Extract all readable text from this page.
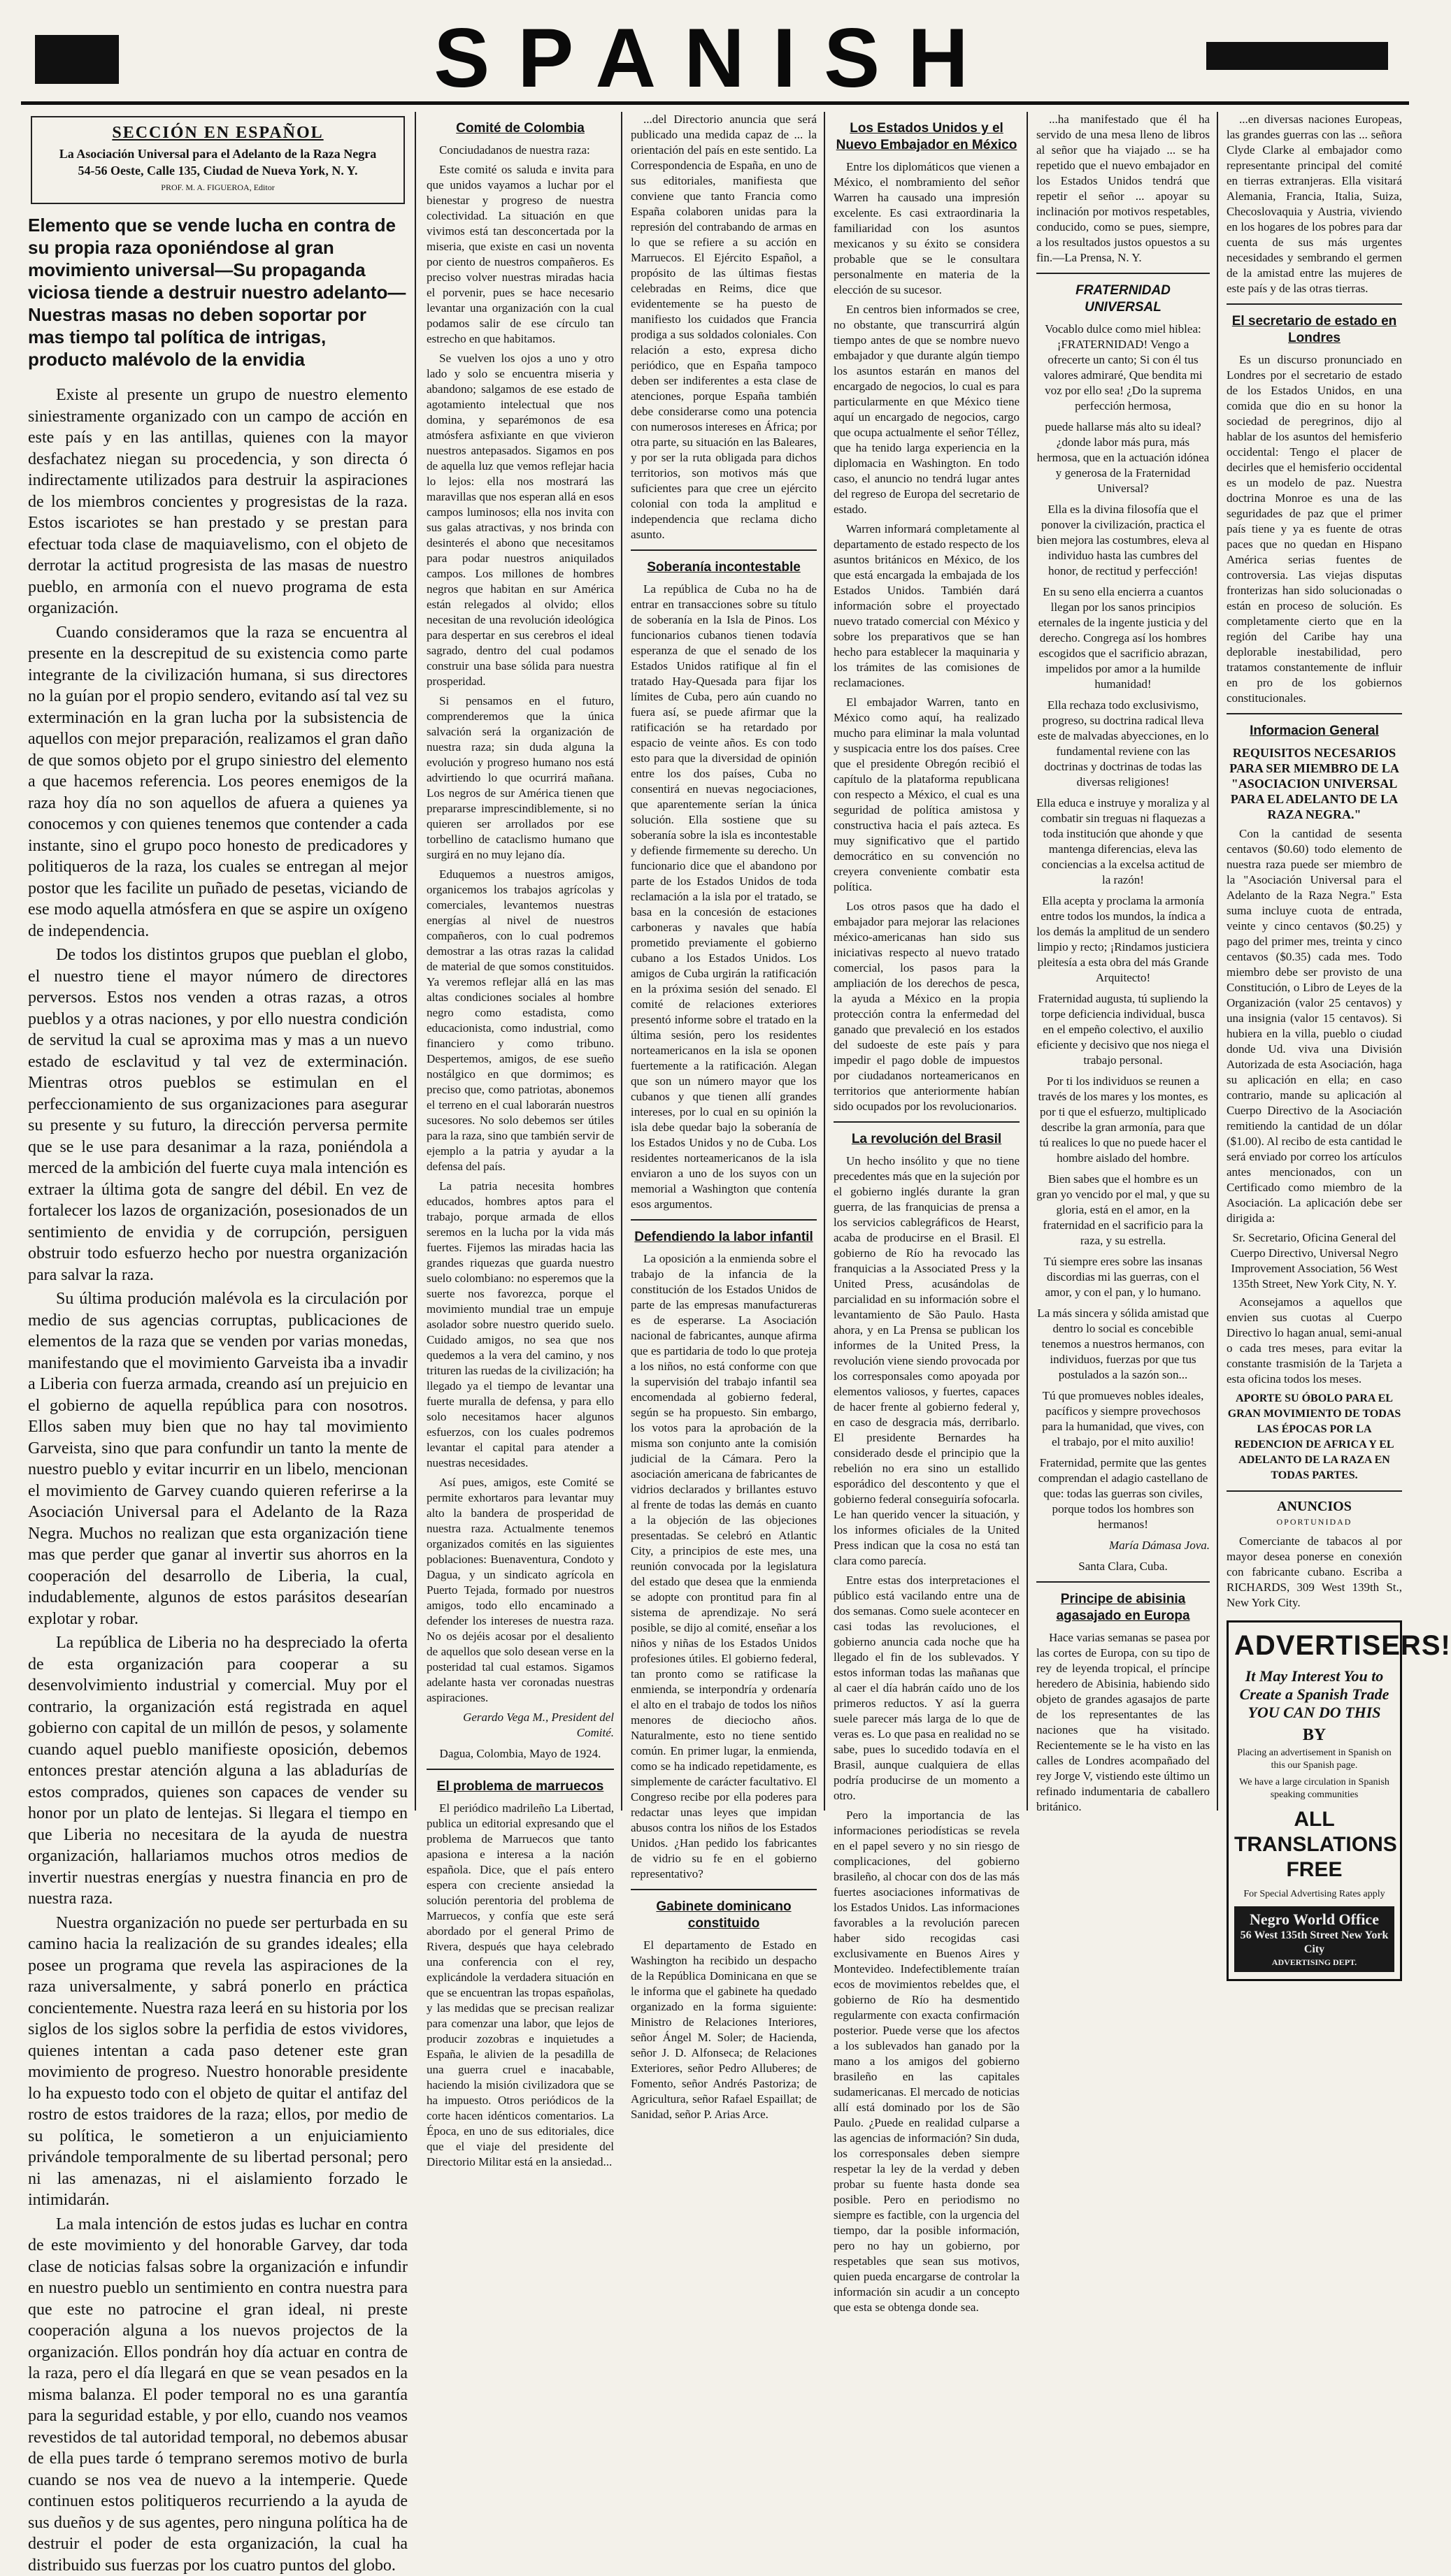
SPANISH
SECCIÓN EN ESPAÑOL
La Asociación Universal para el Adelanto de la Raza Negra
54-56 Oeste, Calle 135, Ciudad de Nueva York, N. Y.
PROF. M. A. FIGUEROA, Editor
Elemento que se vende lucha en contra de su propia raza oponiéndose al gran movimiento universal—Su propaganda viciosa tiende a destruir nuestro adelanto—Nuestras masas no deben soportar por mas tiempo tal política de intrigas, producto malévolo de la envidia

Existe al presente un grupo de nuestro elemento siniestramente organizado con un campo de acción en este país y en las antillas, quienes con la mayor desfachatez niegan su procedencia, y son directa ó indirectamente utilizados para destruir la aspiraciones de los miembros concientes y progresistas de la raza. Estos iscariotes se han prestado y se prestan para efectuar toda clase de maquiavelismo, con el objeto de derrotar la actitud progresista de las masas de nuestro pueblo, en armonía con el nuevo programa de esta organización.

Cuando consideramos que la raza se encuentra al presente en la descrepitud de su existencia como parte integrante de la civilización humana, si sus directores no la guían por el propio sendero, evitando así tal vez su exterminación en la gran lucha por la subsistencia de aquellos con mejor preparación, realizamos el gran daño de que somos objeto por el grupo siniestro del elemento a que hacemos referencia. Los peores enemigos de la raza hoy día no son aquellos de afuera a quienes ya conocemos y con quienes tenemos que contender a cada instante, sino el grupo poco honesto de predicadores y politiqueros de la raza, los cuales se entregan al mejor postor que les facilite un puñado de pesetas, viciando de ese modo aquella atmósfera en que se aspire un oxígeno de independencia.

De todos los distintos grupos que pueblan el globo, el nuestro tiene el mayor número de directores perversos. Estos nos venden a otras razas, a otros pueblos y a otras naciones, y por ello nuestra condición de servitud la cual se aproxima mas y mas a un nuevo estado de esclavitud y tal vez de exterminación. Mientras otros pueblos se estimulan en el perfeccionamiento de sus organizaciones para asegurar su presente y su futuro, la dirección perversa permite que se le use para desanimar a la raza, poniéndola a merced de la ambición del fuerte cuya mala intención es extraer la última gota de sangre del débil. En vez de fortalecer los lazos de organización, posesionados de un sentimiento de envidia y de corrupción, persiguen obstruir todo esfuerzo hecho por nuestra organización para salvar la raza.

Su última produción malévola es la circulación por medio de sus agencias corruptas, publicaciones de elementos de la raza que se venden por varias monedas, manifestando que el movimiento Garveista iba a invadir a Liberia con fuerza armada, creando así un prejuicio en el gobierno de aquella república para con nosotros. Ellos saben muy bien que no hay tal movimiento Garveista, sino que para confundir un tanto la mente de nuestro pueblo y evitar incurrir en un libelo, mencionan el movimiento de Garvey cuando quieren referirse a la Asociación Universal para el Adelanto de la Raza Negra. Muchos no realizan que esta organización tiene mas que perder que ganar al invertir sus ahorros en la cooperación del desarrollo de Liberia, la cual, indudablemente, algunos de estos parásitos desearían explotar y robar.

La república de Liberia no ha despreciado la oferta de esta organización para cooperar a su desenvolvimiento industrial y comercial. Muy por el contrario, la organización está registrada en aquel gobierno con capital de un millón de pesos, y solamente cuando aquel pueblo manifieste oposición, debemos entonces prestar atención alguna a las abladurías de estos comprados, quienes son capaces de vender su honor por un plato de lentejas. Si llegara el tiempo en que Liberia no necesitara de la ayuda de nuestra organización, hallariamos muchos otros medios de invertir nuestras energías y nuestra financia en pro de nuestra raza.

Nuestra organización no puede ser perturbada en su camino hacia la realización de su grandes ideales; ella posee un programa que revela las aspiraciones de la raza universalmente, y sabrá ponerlo en práctica concientemente. Nuestra raza leerá en su historia por los siglos de los siglos sobre la perfidia de estos vividores, quienes intentan a cada paso detener este gran movimiento de progreso. Nuestro honorable presidente lo ha expuesto todo con el objeto de quitar el antifaz del rostro de estos traidores de la raza; ellos, por medio de su política, le sometieron a un enjuiciamiento privándole temporalmente de su libertad personal; pero ni las amenazas, ni el aislamiento forzado le intimidarán.

La mala intención de estos judas es luchar en contra de este movimiento y del honorable Garvey, dar toda clase de noticias falsas sobre la organización e infundir en nuestro pueblo un sentimiento en contra nuestra para que este no patrocine el gran ideal, ni preste cooperación alguna a los nuevos projectos de la organización. Ellos pondrán hoy día actuar en contra de la raza, pero el día llegará en que se vean pesados en la misma balanza. El poder temporal no es una garantía para la seguridad estable, y por ello, cuando nos veamos revestidos de tal autoridad temporal, no debemos abusar de ella pues tarde ó temprano seremos motivo de burla cuando se nos vea de nuevo a la intemperie. Quede continuen estos politiqueros recurriendo a la ayuda de sus dueños y de sus agentes, pero ninguna política ha de destruir el poder de esta organización, la cual ha distribuido sus fuerzas por los cuatro puntos del globo.

Comité de Colombia

Conciudadanos de nuestra raza:

Este comité os saluda e invita para que unidos vayamos a luchar por el bienestar y progreso de nuestra colectividad. La situación en que vivimos está tan desconcertada por la miseria, que existe en casi un noventa por ciento de nuestros compañeros. Es preciso volver nuestras miradas hacia el porvenir, pues se hace necesario levantar una organización con la cual podamos salir de ese círculo tan estrecho en que habitamos.

Se vuelven los ojos a uno y otro lado y solo se encuentra miseria y abandono; salgamos de ese estado de agotamiento intelectual que nos domina, y separémonos de esa atmósfera asfixiante en que vivieron nuestros antepasados. Sigamos en pos de aquella luz que vemos reflejar hacia lo lejos: ella nos mostrará las maravillas que nos esperan allá en esos campos luminosos; ella nos invita con sus galas atractivas, y nos brinda con desinterés el abono que necesitamos para podar nuestros aniquilados campos. Los millones de hombres negros que habitan en sur América están relegados al olvido; ellos necesitan de una revolución ideológica para despertar en sus cerebros el ideal sagrado, dentro del cual podamos construir una base sólida para nuestra prosperidad.

Si pensamos en el futuro, comprenderemos que la única salvación será la organización de nuestra raza; sin duda alguna la evolución y progreso humano nos está advirtiendo lo que ocurrirá mañana. Los negros de sur América tienen que prepararse imprescindiblemente, si no quieren ser arrollados por ese torbellino de cataclismo humano que surgirá en no muy lejano día.

Eduquemos a nuestros amigos, organicemos los trabajos agrícolas y comerciales, levantemos nuestras energías al nivel de nuestros compañeros, con lo cual podremos demostrar a las otras razas la calidad de material de que somos constituidos. Ya veremos reflejar allá en las mas altas condiciones sociales al hombre negro como estadista, como educacionista, como industrial, como financiero y como tribuno. Despertemos, amigos, de ese sueño nostálgico en que dormimos; es preciso que, como patriotas, abonemos el terreno en el cual laborarán nuestros sucesores. No solo debemos ser útiles para la raza, sino que también servir de ejemplo a la patria y ayudar a la defensa del país.

La patria necesita hombres educados, hombres aptos para el trabajo, porque armada de ellos seremos en la lucha por la vida más fuertes. Fijemos las miradas hacia las grandes riquezas que guarda nuestro suelo colombiano: no esperemos que la suerte nos favorezca, porque el movimiento mundial trae un empuje asolador sobre nuestro querido suelo. Cuidado amigos, no sea que nos quedemos a la vera del camino, y nos trituren las ruedas de la civilización; ha llegado ya el tiempo de levantar una fuerte muralla de defensa, y para ello solo necesitamos hacer algunos esfuerzos, con los cuales podremos levantar el capital para atender a nuestras necesidades.

Así pues, amigos, este Comité se permite exhortaros para levantar muy alto la bandera de prosperidad de nuestra raza. Actualmente tenemos organizados comités en las siguientes poblaciones: Buenaventura, Condoto y Dagua, y un sindicato agrícola en Puerto Tejada, formado por nuestros amigos, todo ello encaminado a defender los intereses de nuestra raza. No os dejéis acosar por el desaliento de aquellos que solo desean verse en la posteridad tal cual estamos. Sigamos adelante hasta ver coronadas nuestras aspiraciones.

Gerardo Vega M., President del Comité.
Dagua, Colombia, Mayo de 1924.
El problema de marruecos

El periódico madrileño La Libertad, publica un editorial expresando que el problema de Marruecos que tanto apasiona e interesa a la nación española. Dice, que el país entero espera con creciente ansiedad la solución perentoria del problema de Marruecos, y confía que este será abordado por el general Primo de Rivera, después que haya celebrado una conferencia con el rey, explicándole la verdadera situación en que se encuentran las tropas españolas, y las medidas que se precisan realizar para comenzar una labor, que lejos de producir zozobras e inquietudes a España, le alivien de la pesadilla de una guerra cruel e inacabable, haciendo la misión civilizadora que se ha impuesto. Otros periódicos de la corte hacen idénticos comentarios. La Época, en uno de sus editoriales, dice que el viaje del presidente del Directorio Militar está en la ansiedad...

...del Directorio anuncia que será publicado una medida capaz de ... la orientación del país en este sentido. La Correspondencia de España, en uno de sus editoriales, manifiesta que conviene que tanto Francia como España colaboren unidas para la represión del contrabando de armas en lo que se refiere a su acción en Marruecos. El Ejército Español, a propósito de las últimas fiestas celebradas en Reims, dice que evidentemente se ha puesto de manifiesto los cuidados que Francia prodiga a sus soldados coloniales. Con relación a esto, expresa dicho periódico, que en España tampoco deben ser indiferentes a esta clase de atenciones, porque España también debe considerarse como una potencia con numerosos intereses en África; por otra parte, su situación en las Baleares, y por ser la ruta obligada para dichos territorios, son motivos más que suficientes para que cree un ejército colonial con toda la amplitud e independencia que reclama dicho asunto.

Soberanía incontestable

La república de Cuba no ha de entrar en transacciones sobre su título de soberanía en la Isla de Pinos. Los funcionarios cubanos tienen todavía esperanza de que el senado de los Estados Unidos ratifique al fin el tratado Hay-Quesada para fijar los límites de Cuba, pero aún cuando no fuera así, se puede afirmar que la ratificación se ha retardado por espacio de veinte años. Es con todo esto para que la diversidad de opinión entre los dos países, Cuba no consentirá en nuevas negociaciones, que aparentemente serían la única solución. Ella sostiene que su soberanía sobre la isla es incontestable y defiende firmemente su derecho. Un funcionario dice que el abandono por parte de los Estados Unidos de toda reclamación a la isla por el tratado, se basa en la concesión de estaciones carboneras y navales que había prometido previamente el gobierno cubano a los Estados Unidos. Los amigos de Cuba urgirán la ratificación en la próxima sesión del senado. El comité de relaciones exteriores presentó informe sobre el tratado en la última sesión, pero los residentes norteamericanos en la isla se oponen fuertemente a la ratificación. Alegan que son un número mayor que los cubanos y que tienen allí grandes intereses, por lo cual en su opinión la isla debe quedar bajo la soberanía de los Estados Unidos y no de Cuba. Los residentes norteamericanos de la isla enviaron a uno de los suyos con un memorial a Washington que contenía esos argumentos.

Defendiendo la labor infantil

La oposición a la enmienda sobre el trabajo de la infancia de la constitución de los Estados Unidos de parte de las empresas manufactureras es de esperarse. La Asociación nacional de fabricantes, aunque afirma que es partidaria de todo lo que proteja a los niños, no está conforme con que la supervisión del trabajo infantil sea encomendada al gobierno federal, según se ha propuesto. Sin embargo, los votos para la aprobación de la misma son conjunto ante la comisión judicial de la Cámara. Pero la asociación americana de fabricantes de vidrios declarados y brillantes estuvo al frente de todas las demás en cuanto a la objeción de las objeciones presentadas. Se celebró en Atlantic City, a principios de este mes, una reunión convocada por la legislatura del estado que desea que la enmienda se adopte con prontitud para fin al sistema de aprendizaje. No será posible, se dijo al comité, enseñar a los niños y niñas de los Estados Unidos profesiones útiles. El gobierno federal, tan pronto como se ratificase la enmienda, se interpondría y ordenaría el alto en el trabajo de todos los niños menores de dieciocho años. Naturalmente, esto no tiene sentido común. En primer lugar, la enmienda, como se ha indicado repetidamente, es simplemente de carácter facultativo. El Congreso recibe por ella poderes para redactar unas leyes que impidan abusos contra los niños de los Estados Unidos. ¿Han pedido los fabricantes de vidrio su fe en el gobierno representativo?

Gabinete dominicano constituido

El departamento de Estado en Washington ha recibido un despacho de la República Dominicana en que se le informa que el gabinete ha quedado organizado en la forma siguiente: Ministro de Relaciones Interiores, señor Ángel M. Soler; de Hacienda, señor J. D. Alfonseca; de Relaciones Exteriores, señor Pedro Alluberes; de Fomento, señor Andrés Pastoriza; de Agricultura, señor Rafael Espaillat; de Sanidad, señor P. Arias Arce.

Los Estados Unidos y el Nuevo Embajador en México

Entre los diplomáticos que vienen a México, el nombramiento del señor Warren ha causado una impresión excelente. Es casi extraordinaria la familiaridad con los asuntos mexicanos y su éxito se considera probable que se le consultara personalmente en materia de la elección de su sucesor.

En centros bien informados se cree, no obstante, que transcurrirá algún tiempo antes de que se nombre nuevo embajador y que durante algún tiempo los asuntos estarán en manos del encargado de negocios, lo cual es para particularmente en que México tiene aquí un encargado de negocios, cargo que ocupa actualmente el señor Téllez, que ha tenido larga experiencia en la diplomacia en Washington. En todo caso, el anuncio no tendrá lugar antes del regreso de Europa del secretario de estado.

Warren informará completamente al departamento de estado respecto de los asuntos británicos en México, de los que está encargada la embajada de los Estados Unidos. También dará información sobre el proyectado nuevo tratado comercial con México y sobre los preparativos que se han hecho para establecer la maquinaria y los trámites de las comisiones de reclamaciones.

El embajador Warren, tanto en México como aquí, ha realizado mucho para eliminar la mala voluntad y suspicacia entre los dos países. Cree que el presidente Obregón recibió el capítulo de la plataforma republicana con respecto a México, el cual es una seguridad de política amistosa y constructiva hacia el país azteca. Es muy significativo que el partido democrático en su convención no creyera conveniente combatir esta política.

Los otros pasos que ha dado el embajador para mejorar las relaciones méxico-americanas han sido sus iniciativas respecto al nuevo tratado comercial, los pasos para la ampliación de los derechos de pesca, la ayuda a México en la propia protección contra la enfermedad del ganado que prevaleció en los estados del sudoeste de este país y para impedir el pago doble de impuestos por ciudadanos norteamericanos en territorios que anteriormente habían sido ocupados por los revolucionarios.

La revolución del Brasil

Un hecho insólito y que no tiene precedentes más que en la sujeción por el gobierno inglés durante la gran guerra, de las franquicias de prensa a los servicios cablegráficos de Hearst, acaba de producirse en el Brasil. El gobierno de Río ha revocado las franquicias a la Associated Press y la United Press, acusándolas de parcialidad en su información sobre el levantamiento de São Paulo. Hasta ahora, y en La Prensa se publican los informes de la United Press, la revolución viene siendo provocada por los corresponsales como apoyada por elementos valiosos, y fuertes, capaces de hacer frente al gobierno federal y, en caso de desgracia más, derribarlo. El presidente Bernardes ha considerado desde el principio que la rebelión no era sino un estallido esporádico del descontento y que el gobierno federal conseguiría sofocarla. Le han querido vencer la situación, y los informes oficiales de la United Press indican que la cosa no está tan clara como parecía.

Entre estas dos interpretaciones el público está vacilando entre una de dos semanas. Como suele acontecer en casi todas las revoluciones, el gobierno anuncia cada noche que ha llegado el fin de los sublevados. Y estos informan todas las mañanas que al caer el día habrán caído uno de los primeros reductos. Y así la guerra suele parecer más larga de lo que de veras es. Lo que pasa en realidad no se sabe, pues lo sucedido todavía en el Brasil, aunque cualquiera de ellas podría producirse de un momento a otro.

Pero la importancia de las informaciones periodísticas se revela en el papel severo y no sin riesgo de complicaciones, del gobierno brasileño, al chocar con dos de las más fuertes asociaciones informativas de los Estados Unidos. Las informaciones favorables a la revolución parecen haber sido recogidas casi exclusivamente en Buenos Aires y Montevideo. Indefectiblemente traían ecos de movimientos rebeldes que, el gobierno de Río ha desmentido regularmente con exacta confirmación posterior. Puede verse que los afectos a los sublevados han ganado por la mano a los amigos del gobierno brasileño en las capitales sudamericanas. El mercado de noticias allí está dominado por los de São Paulo. ¿Puede en realidad culparse a las agencias de información? Sin duda, los corresponsales deben siempre respetar la ley de la verdad y deben probar su fuente hasta donde sea posible. Pero en periodismo no siempre es factible, con la urgencia del tiempo, dar la posible información, pero no hay un gobierno, por respetables que sean sus motivos, quien pueda encargarse de controlar la información sin acudir a un concepto que esta se obtenga donde sea.

...ha manifestado que él ha servido de una mesa lleno de libros al señor que ha viajado ... se ha repetido que el nuevo embajador en los Estados Unidos tendrá que repetir el señor ... apoyar su inclinación por motivos respetables, conducido, como se pues, siempre, a los resultados justos opuestos a su fin.—La Prensa, N. Y.

FRATERNIDAD UNIVERSAL

Vocablo dulce como miel hiblea: ¡FRATERNIDAD! Vengo a ofrecerte un canto; Si con él tus valores admiraré, Que bendita mi voz por ello sea! ¿Do la suprema perfección hermosa,

puede hallarse más alto su ideal? ¿donde labor más pura, más hermosa, que en la actuación idónea y generosa de la Fraternidad Universal?

Ella es la divina filosofía que el ponover la civilización, practica el bien mejora las costumbres, eleva al individuo hasta las cumbres del honor, de rectitud y perfección!

En su seno ella encierra a cuantos llegan por los sanos principios eternales de la ingente justicia y del derecho. Congrega así los hombres escogidos que el sacrificio abrazan, impelidos por amor a la humilde humanidad!

Ella rechaza todo exclusivismo, progreso, su doctrina radical lleva este de malvadas abyecciones, en lo fundamental reviene con las doctrinas y doctrinas de todas las diversas religiones!

Ella educa e instruye y moraliza y al combatir sin treguas ni flaquezas a toda institución que ahonde y que mantenga diferencias, eleva las conciencias a la excelsa actitud de la razón!

Ella acepta y proclama la armonía entre todos los mundos, la índica a los demás la amplitud de un sendero limpio y recto; ¡Rindamos justiciera pleitesía a esta obra del más Grande Arquitecto!

Fraternidad augusta, tú supliendo la torpe deficiencia individual, busca en el empeño colectivo, el auxilio eficiente y decisivo que nos niega el trabajo personal.

Por ti los individuos se reunen a través de los mares y los montes, es por ti que el esfuerzo, multiplicado describe la gran armonía, para que tú realices lo que no puede hacer el hombre aislado del hombre.

Bien sabes que el hombre es un gran yo vencido por el mal, y que su gloria, está en el amor, en la fraternidad en el sacrificio para la raza, y su estrella.

Tú siempre eres sobre las insanas discordias mi las guerras, con el amor, y con el pan, y lo humano.

La más sincera y sólida amistad que dentro lo social es concebible tenemos a nuestros hermanos, con individuos, fuerzas por que tus postulados a la sazón son...

Tú que promueves nobles ideales, pacíficos y siempre provechosos para la humanidad, que vives, con el trabajo, por el mito auxilio!

Fraternidad, permite que las gentes comprendan el adagio castellano de que: todas las guerras son civiles, porque todos los hombres son hermanos!

María Dámasa Jova.
Santa Clara, Cuba.
Principe de abisinia agasajado en Europa

Hace varias semanas se pasea por las cortes de Europa, con su tipo de rey de leyenda tropical, el príncipe heredero de Abisinia, habiendo sido objeto de grandes agasajos de parte de los representantes de las naciones que ha visitado. Recientemente se le ha visto en las calles de Londres acompañado del rey Jorge V, vistiendo este último un refinado indumentaria de caballero británico.

...en diversas naciones Europeas, las grandes guerras con las ... señora Clyde Clarke al embajador como representante principal del comité en tierras extranjeras. Ella visitará Alemania, Francia, Italia, Suiza, Checoslovaquia y Austria, viviendo en los hogares de los pobres para dar cuenta de sus más urgentes necesidades y sembrando el germen de la amistad entre las mujeres de este país y de las otras tierras.

El secretario de estado en Londres

Es un discurso pronunciado en Londres por el secretario de estado de los Estados Unidos, en una comida que dio en su honor la sociedad de peregrinos, dijo al hablar de los asuntos del hemisferio occidental: Tengo el placer de decirles que el hemisferio occidental es un modelo de paz. Nuestra doctrina Monroe es una de las seguridades de paz que el primer país tiene y ya es fuente de otras paces que no quedan en Hispano América serias fuentes de controversia. Las viejas disputas fronterizas han sido solucionadas o están en proceso de solución. Es completamente cierto que en la región del Caribe hay una deplorable inestabilidad, pero tratamos constantemente de influir en pro de los gobiernos constitucionales.

Informacion General
REQUISITOS NECESARIOS PARA SER MIEMBRO DE LA "ASOCIACION UNIVERSAL PARA EL ADELANTO DE LA RAZA NEGRA."

Con la cantidad de sesenta centavos ($0.60) todo elemento de nuestra raza puede ser miembro de la "Asociación Universal para el Adelanto de la Raza Negra." Esta suma incluye cuota de entrada, veinte y cinco centavos ($0.25) y pago del primer mes, treinta y cinco centavos ($0.35) cada mes. Todo miembro debe ser provisto de una Constitución, o Libro de Leyes de la Organización (valor 25 centavos) y una insignia (valor 15 centavos). Si hubiera en la villa, pueblo o ciudad donde Ud. viva una División Autorizada de esta Asociación, haga su aplicación en ella; en caso contrario, mande su aplicación al Cuerpo Directivo de la Asociación remitiendo la cantidad de un dólar ($1.00). Al recibo de esta cantidad le será enviado por correo los artículos antes mencionados, con un Certificado como miembro de la Asociación. La aplicación debe ser dirigida a:

Sr. Secretario, Oficina General del Cuerpo Directivo, Universal Negro Improvement Association, 56 West 135th Street, New York City, N. Y.

Aconsejamos a aquellos que envien sus cuotas al Cuerpo Directivo lo hagan anual, semi-anual o cada tres meses, para evitar la constante trasmisión de la Tarjeta a esta oficina todos los meses.

APORTE SU ÓBOLO PARA EL GRAN MOVIMIENTO DE TODAS LAS ÉPOCAS POR LA REDENCION DE AFRICA Y EL ADELANTO DE LA RAZA EN TODAS PARTES.
ANUNCIOS
OPORTUNIDAD

Comerciante de tabacos al por mayor desea ponerse en conexión con fabricante cubano. Escriba a RICHARDS, 309 West 139th St., New York City.

ADVERTISERS!
It May Interest You to Create a Spanish Trade YOU CAN DO THIS
BY
Placing an advertisement in Spanish on this our Spanish page.
We have a large circulation in Spanish speaking communities
ALL TRANSLATIONS FREE
For Special Advertising Rates apply
Negro World Office
56 West 135th Street New York City
ADVERTISING DEPT.
